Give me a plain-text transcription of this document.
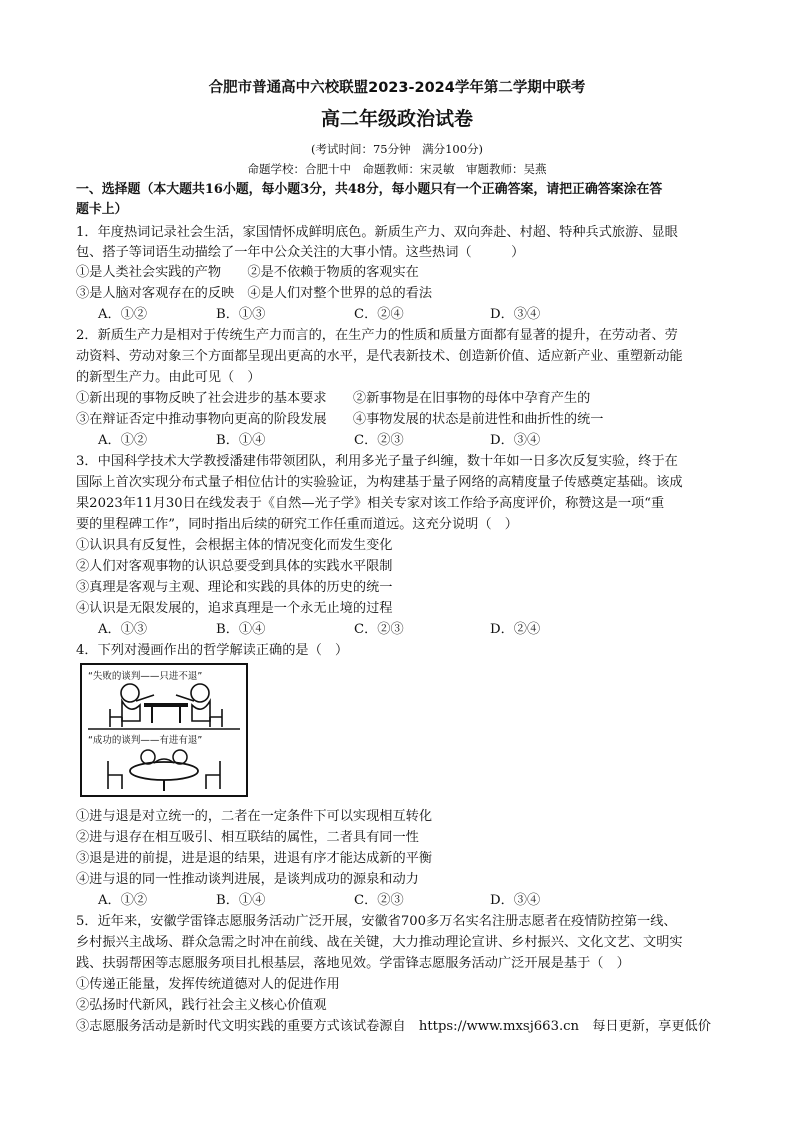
合肥市普通高中六校联盟2023-2024学年第二学期中联考
高二年级政治试卷
(考试时间：75分钟　满分100分)
命题学校：合肥十中　命题教师：宋灵敏　审题教师：吴燕
一、选择题（本大题共16小题，每小题3分，共48分，每小题只有一个正确答案，请把正确答案涂在答
题卡上）
1．年度热词记录社会生活，家国情怀成鲜明底色。新质生产力、双向奔赴、村超、特种兵式旅游、显眼
包、搭子等词语生动描绘了一年中公众关注的大事小情。这些热词（　　　）
①是人类社会实践的产物　　②是不依赖于物质的客观实在
③是人脑对客观存在的反映　④是人们对整个世界的总的看法
A．①②	B．①③	C．②④	D．③④
2．新质生产力是相对于传统生产力而言的，在生产力的性质和质量方面都有显著的提升，在劳动者、劳
动资料、劳动对象三个方面都呈现出更高的水平，是代表新技术、创造新价值、适应新产业、重塑新动能
的新型生产力。由此可见（　）
①新出现的事物反映了社会进步的基本要求　　②新事物是在旧事物的母体中孕育产生的
③在辩证否定中推动事物向更高的阶段发展　　④事物发展的状态是前进性和曲折性的统一
A．①②	B．①④	C．②③	D．③④
3．中国科学技术大学教授潘建伟带领团队，利用多光子量子纠缠，数十年如一日多次反复实验，终于在
国际上首次实现分布式量子相位估计的实验验证，为构建基于量子网络的高精度量子传感奠定基础。该成
果2023年11月30日在线发表于《自然—光子学》相关专家对该工作给予高度评价，称赞这是一项“重
要的里程碑工作”，同时指出后续的研究工作任重而道远。这充分说明（　）
①认识具有反复性，会根据主体的情况变化而发生变化
②人们对客观事物的认识总要受到具体的实践水平限制
③真理是客观与主观、理论和实践的具体的历史的统一
④认识是无限发展的，追求真理是一个永无止境的过程
A．①③	B．①④	C．②③	D．②④
4．下列对漫画作出的哲学解读正确的是（　）
“失败的谈判——只进不退”
“成功的谈判——有进有退”
①进与退是对立统一的，二者在一定条件下可以实现相互转化
②进与退存在相互吸引、相互联结的属性，二者具有同一性
③退是进的前提，进是退的结果，进退有序才能达成新的平衡
④进与退的同一性推动谈判进展，是谈判成功的源泉和动力
A．①②	B．①④	C．②③	D．③④
5．近年来，安徽学雷锋志愿服务活动广泛开展，安徽省700多万名实名注册志愿者在疫情防控第一线、
乡村振兴主战场、群众急需之时冲在前线、战在关键，大力推动理论宣讲、乡村振兴、文化文艺、文明实
践、扶弱帮困等志愿服务项目扎根基层，落地见效。学雷锋志愿服务活动广泛开展是基于（　）
①传递正能量，发挥传统道德对人的促进作用
②弘扬时代新风，践行社会主义核心价值观
③志愿服务活动是新时代文明实践的重要方式该试卷源自　https://www.mxsj663.cn　每日更新，享更低价
